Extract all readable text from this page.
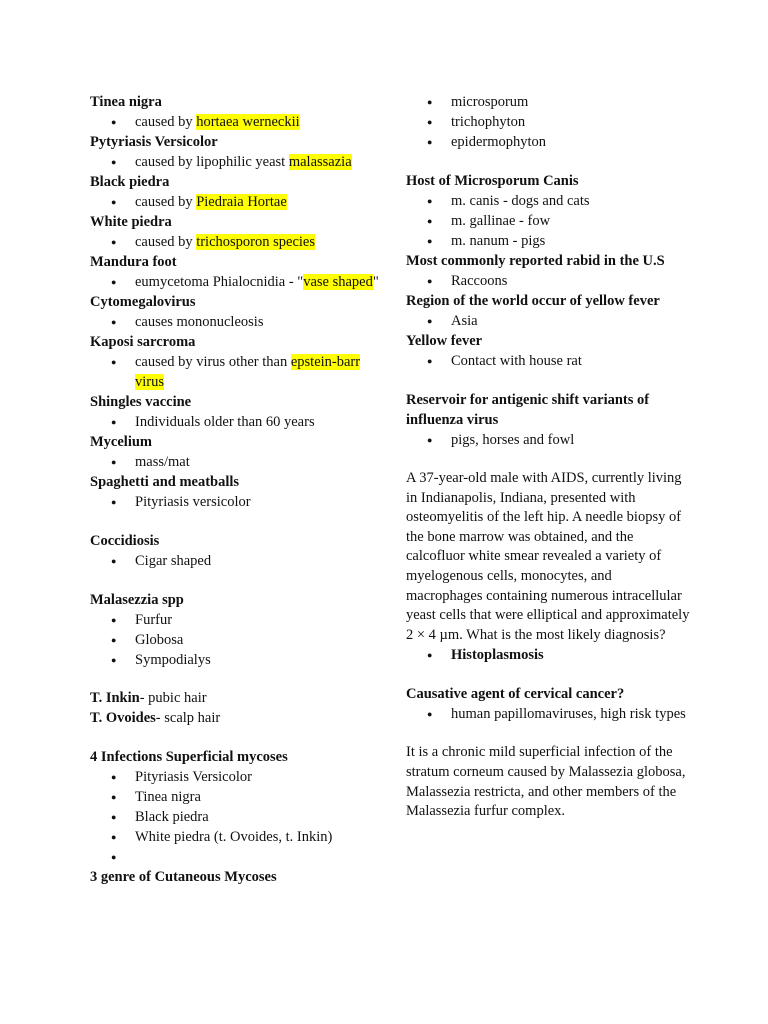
Tinea nigra

● caused by hortaea werneckii

Pytyriasis Versicolor

● caused by lipophilic yeast malassazia

Black piedra

● caused by Piedraia Hortae

White piedra

● caused by trichosporon species

Mandura foot

● eumycetoma Phialocnidia - "vase shaped"

Cytomegalovirus

● causes mononucleosis

Kaposi sarcroma

● caused by virus other than epstein-barr virus

Shingles vaccine

● Individuals older than 60 years

Mycelium

● mass/mat

Spaghetti and meatballs

● Pityriasis versicolor

Coccidiosis

● Cigar shaped

Malasezzia spp

● Furfur
● Globosa
● Sympodialys

T. Inkin- pubic hair

T. Ovoides- scalp hair

4 Infections Superficial mycoses

● Pityriasis Versicolor
● Tinea nigra
● Black piedra
● White piedra (t. Ovoides, t. Inkin)
●

3 genre of Cutaneous Mycoses

● microsporum
● trichophyton
● epidermophyton

Host of Microsporum Canis

● m. canis - dogs and cats
● m. gallinae - fow
● m. nanum - pigs

Most commonly reported rabid in the U.S

● Raccoons

Region of the world occur of yellow fever

● Asia

Yellow fever

● Contact with house rat

Reservoir for antigenic shift variants of influenza virus

● pigs, horses and fowl

A 37-year-old male with AIDS, currently living in Indianapolis, Indiana, presented with osteomyelitis of the left hip. A needle biopsy of the bone marrow was obtained, and the calcofluor white smear revealed a variety of myelogenous cells, monocytes, and macrophages containing numerous intracellular yeast cells that were elliptical and approximately 2 × 4 µm. What is the most likely diagnosis?

● Histoplasmosis

Causative agent of cervical cancer?

● human papillomaviruses, high risk types

It is a chronic mild superficial infection of the stratum corneum caused by Malassezia globosa, Malassezia restricta, and other members of the Malassezia furfur complex.
